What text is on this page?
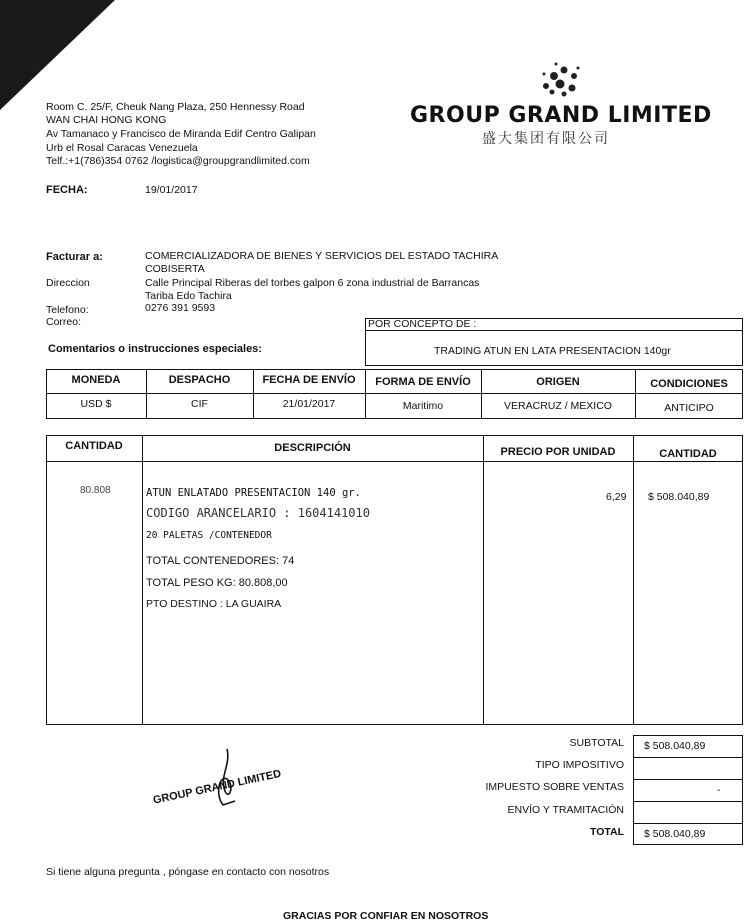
Room C. 25/F, Cheuk Nang Plaza, 250 Hennessy Road
WAN CHAI HONG KONG
Av Tamanaco y Francisco de Miranda Edif Centro Galipan
Urb el Rosal Caracas Venezuela
Telf.:+1(786)354 0762 /logistica@groupgrandlimited.com
GROUP GRAND LIMITED
盛大集团有限公司
FECHA:	19/01/2017
Facturar a:	COMERCIALIZADORA DE BIENES Y SERVICIOS DEL ESTADO TACHIRA
COBISERTA
Direccion	Calle Principal Riberas del torbes galpon 6 zona industrial de Barrancas
Tariba Edo Tachira
Telefono:	0276 391 9593
Correo:
Comentarios o instrucciones especiales:
POR CONCEPTO DE :
TRADING ATUN EN LATA PRESENTACION 140gr
MONEDA	DESPACHO	FECHA DE ENVÍO	FORMA DE ENVÍO	ORIGEN	CONDICIONES
USD $	CIF	21/01/2017	Maritimo	VERACRUZ / MEXICO	ANTICIPO
CANTIDAD	DESCRIPCIÓN	PRECIO POR UNIDAD	CANTIDAD
80.808	ATUN ENLATADO PRESENTACION 140 gr.
CODIGO ARANCELARIO : 1604141010
20 PALETAS /CONTENEDOR
TOTAL CONTENEDORES: 74
TOTAL PESO KG: 80.808,00
PTO DESTINO : LA GUAIRA
6,29 $ 508.040,89
SUBTOTAL $ 508.040,89
TIPO IMPOSITIVO
IMPUESTO SOBRE VENTAS	-
ENVÍO Y TRAMITACIÓN
TOTAL $ 508.040,89
GROUP GRAND LIMITED
Si tiene alguna pregunta , póngase en contacto con nosotros
GRACIAS POR CONFIAR EN NOSOTROS
